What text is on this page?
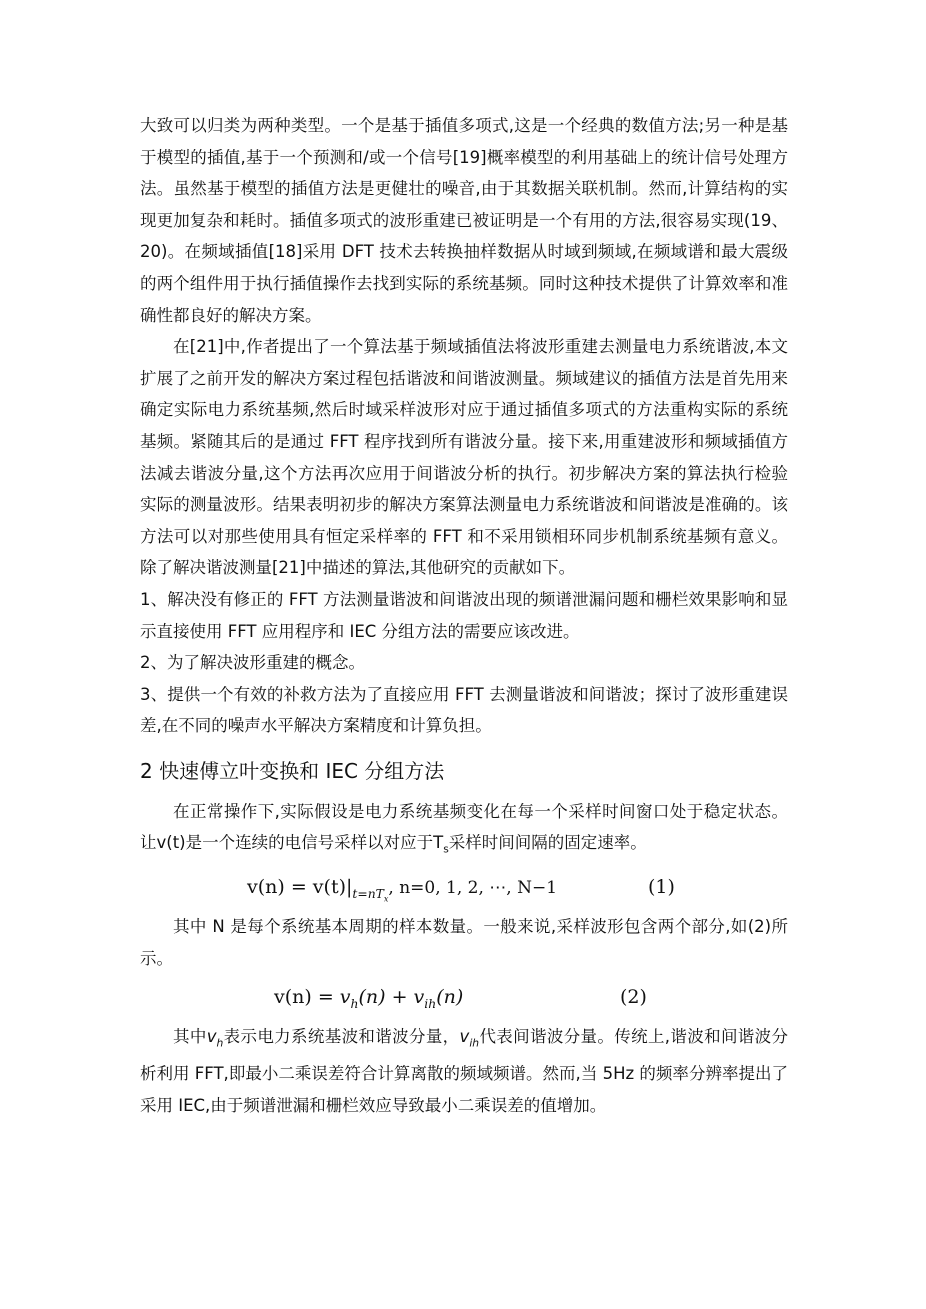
大致可以归类为两种类型。一个是基于插值多项式,这是一个经典的数值方法;另一种是基于模型的插值,基于一个预测和/或一个信号[19]概率模型的利用基础上的统计信号处理方法。虽然基于模型的插值方法是更健壮的噪音,由于其数据关联机制。然而,计算结构的实现更加复杂和耗时。插值多项式的波形重建已被证明是一个有用的方法,很容易实现(19、20)。在频域插值[18]采用 DFT 技术去转换抽样数据从时域到频域,在频域谱和最大震级的两个组件用于执行插值操作去找到实际的系统基频。同时这种技术提供了计算效率和准确性都良好的解决方案。

在[21]中,作者提出了一个算法基于频域插值法将波形重建去测量电力系统谐波,本文扩展了之前开发的解决方案过程包括谐波和间谐波测量。频域建议的插值方法是首先用来确定实际电力系统基频,然后时域采样波形对应于通过插值多项式的方法重构实际的系统基频。紧随其后的是通过 FFT 程序找到所有谐波分量。接下来,用重建波形和频域插值方法减去谐波分量,这个方法再次应用于间谐波分析的执行。初步解决方案的算法执行检验实际的测量波形。结果表明初步的解决方案算法测量电力系统谐波和间谐波是准确的。该方法可以对那些使用具有恒定采样率的 FFT 和不采用锁相环同步机制系统基频有意义。除了解决谐波测量[21]中描述的算法,其他研究的贡献如下。

1、解决没有修正的 FFT 方法测量谐波和间谐波出现的频谱泄漏问题和栅栏效果影响和显示直接使用 FFT 应用程序和 IEC 分组方法的需要应该改进。

2、为了解决波形重建的概念。

3、提供一个有效的补救方法为了直接应用 FFT 去测量谐波和间谐波；探讨了波形重建误差,在不同的噪声水平解决方案精度和计算负担。

2 快速傅立叶变换和 IEC 分组方法

在正常操作下,实际假设是电力系统基频变化在每一个采样时间窗口处于稳定状态。让v(t)是一个连续的电信号采样以对应于$T_s$采样时间间隔的固定速率。

$v(n) = v(t)|_{t=nT_x}$, n=0, 1, 2, ⋯, N−1	(1)

其中 N 是每个系统基本周期的样本数量。一般来说,采样波形包含两个部分,如(2)所示。

$v(n) = v_h(n) + v_{ih}(n)$	(2)

其中$v_h$表示电力系统基波和谐波分量，$v_{ih}$代表间谐波分量。传统上,谐波和间谐波分析利用 FFT,即最小二乘误差符合计算离散的频域频谱。然而,当 5Hz 的频率分辨率提出了采用 IEC,由于频谱泄漏和栅栏效应导致最小二乘误差的值增加。
